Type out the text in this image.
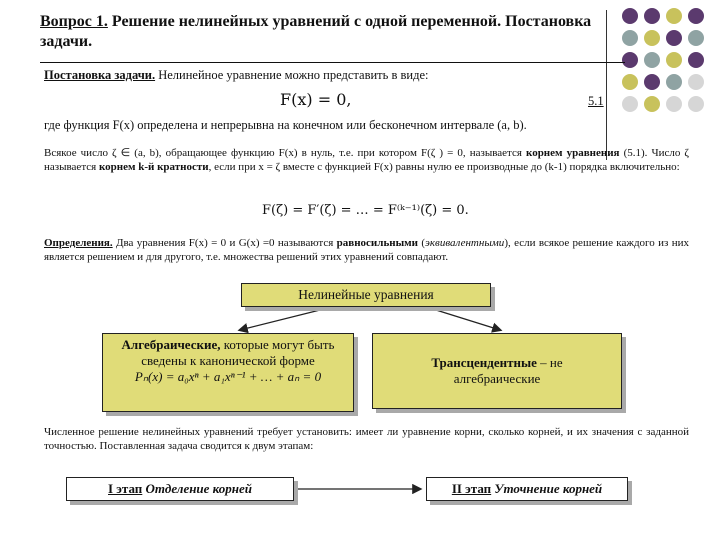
Вопрос 1. Решение нелинейных уравнений с одной переменной. Постановка задачи.
Постановка задачи. Нелинейное уравнение можно представить в виде:
F(x) = 0,	5.1
где функция F(x) определена и непрерывна на конечном или бесконечном интервале (a, b).
Всякое число ζ ∈ (a, b), обращающее функцию F(x) в нуль, т.е. при котором F(ζ ) = 0, называется корнем уравнения (5.1). Число ζ называется корнем k-й кратности, если при x = ζ вместе с функцией F(x) равны нулю ее производные до (k-1) порядка включительно:
F(ζ) = F′(ζ) = … = F⁽ᵏ⁻¹⁾(ζ) = 0.
Определения. Два уравнения F(x) = 0 и G(x) =0 называются равносильными (эквивалентными), если всякое решение каждого из них является решением и для другого, т.е. множества решений этих уравнений совпадают.
Нелинейные уравнения
Алгебраические, которые могут быть сведены к канонической форме
Pₙ(x) = a₀xⁿ + a₁xⁿ⁻¹ + … + aₙ = 0
Трансцендентные – не алгебраические
Численное решение нелинейных уравнений требует установить: имеет ли уравнение корни, сколько корней, и их значения с заданной точностью. Поставленная задача сводится к двум этапам:
I этап Отделение корней	II этап Уточнение корней
